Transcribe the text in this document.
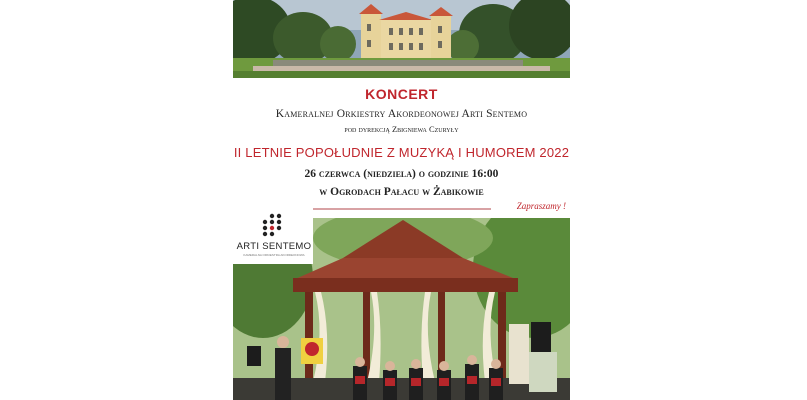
KONCERT
Kameralnej Orkiestry Akordeonowej Arti Sentemo
pod dyrekcją Zbigniewa Czuryły
II LETNIE POPOŁUDNIE Z MUZYKĄ I HUMOREM 2022
26 czerwca (niedziela) o godzinie 16:00
w Ogrodach Pałacu w Żabikowie
Zapraszamy !
ARTI SENTEMO
KAMERALNA ORKIESTRA AKORDEONOWA
